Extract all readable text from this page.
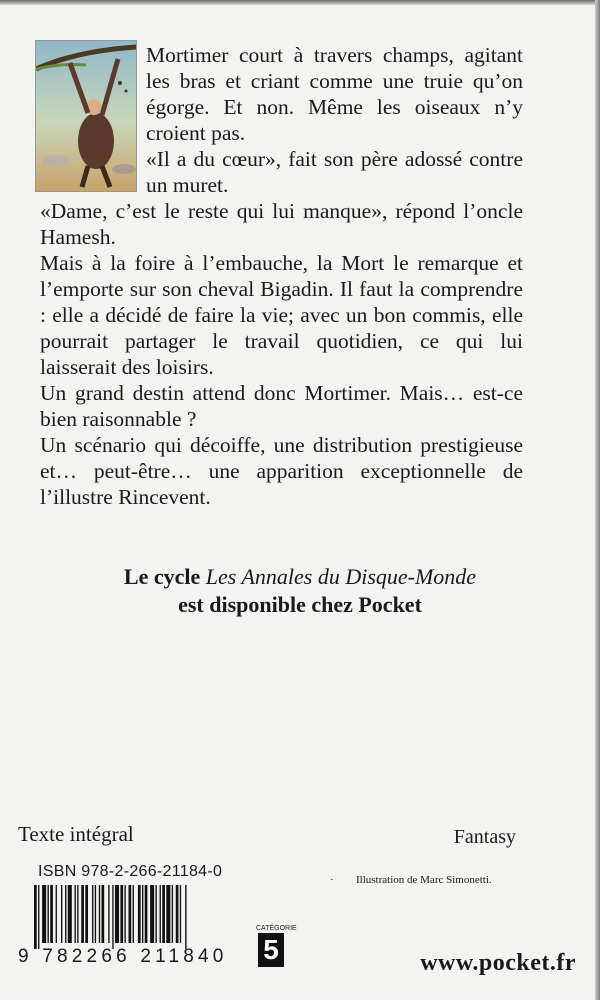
Mortimer court à travers champs, agitant les bras et criant comme une truie qu’on égorge. Et non. Même les oiseaux n’y croient pas.

«Il a du cœur», fait son père adossé contre un muret.

«Dame, c’est le reste qui lui manque», répond l’oncle Hamesh.

Mais à la foire à l’embauche, la Mort le remarque et l’emporte sur son cheval Bigadin. Il faut la comprendre : elle a décidé de faire la vie; avec un bon commis, elle pourrait partager le travail quotidien, ce qui lui laisserait des loisirs.

Un grand destin attend donc Mortimer. Mais… est-ce bien raisonnable ?

Un scénario qui décoiffe, une distribution prestigieuse et… peut-être… une apparition exceptionnelle de l’illustre Rincevent.

Le cycle Les Annales du Disque-Monde
est disponible chez Pocket
Texte intégral	Fantasy
ISBN 978-2-266-21184-0	· Illustration de Marc Simonetti.
9 782266 211840
CATÉGORIE
5	www.pocket.fr
